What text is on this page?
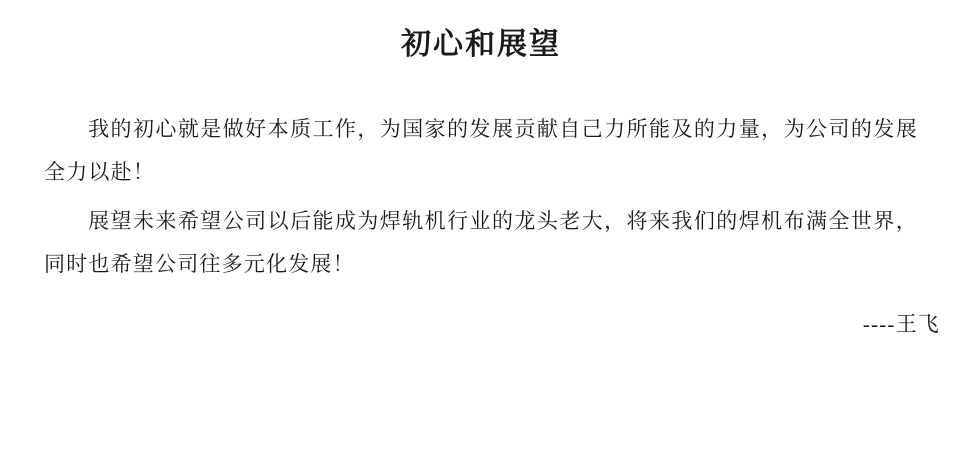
初心和展望

我的初心就是做好本质工作，为国家的发展贡献自己力所能及的力量，为公司的发展全力以赴！

展望未来希望公司以后能成为焊轨机行业的龙头老大，将来我们的焊机布满全世界，同时也希望公司往多元化发展！

----王飞
